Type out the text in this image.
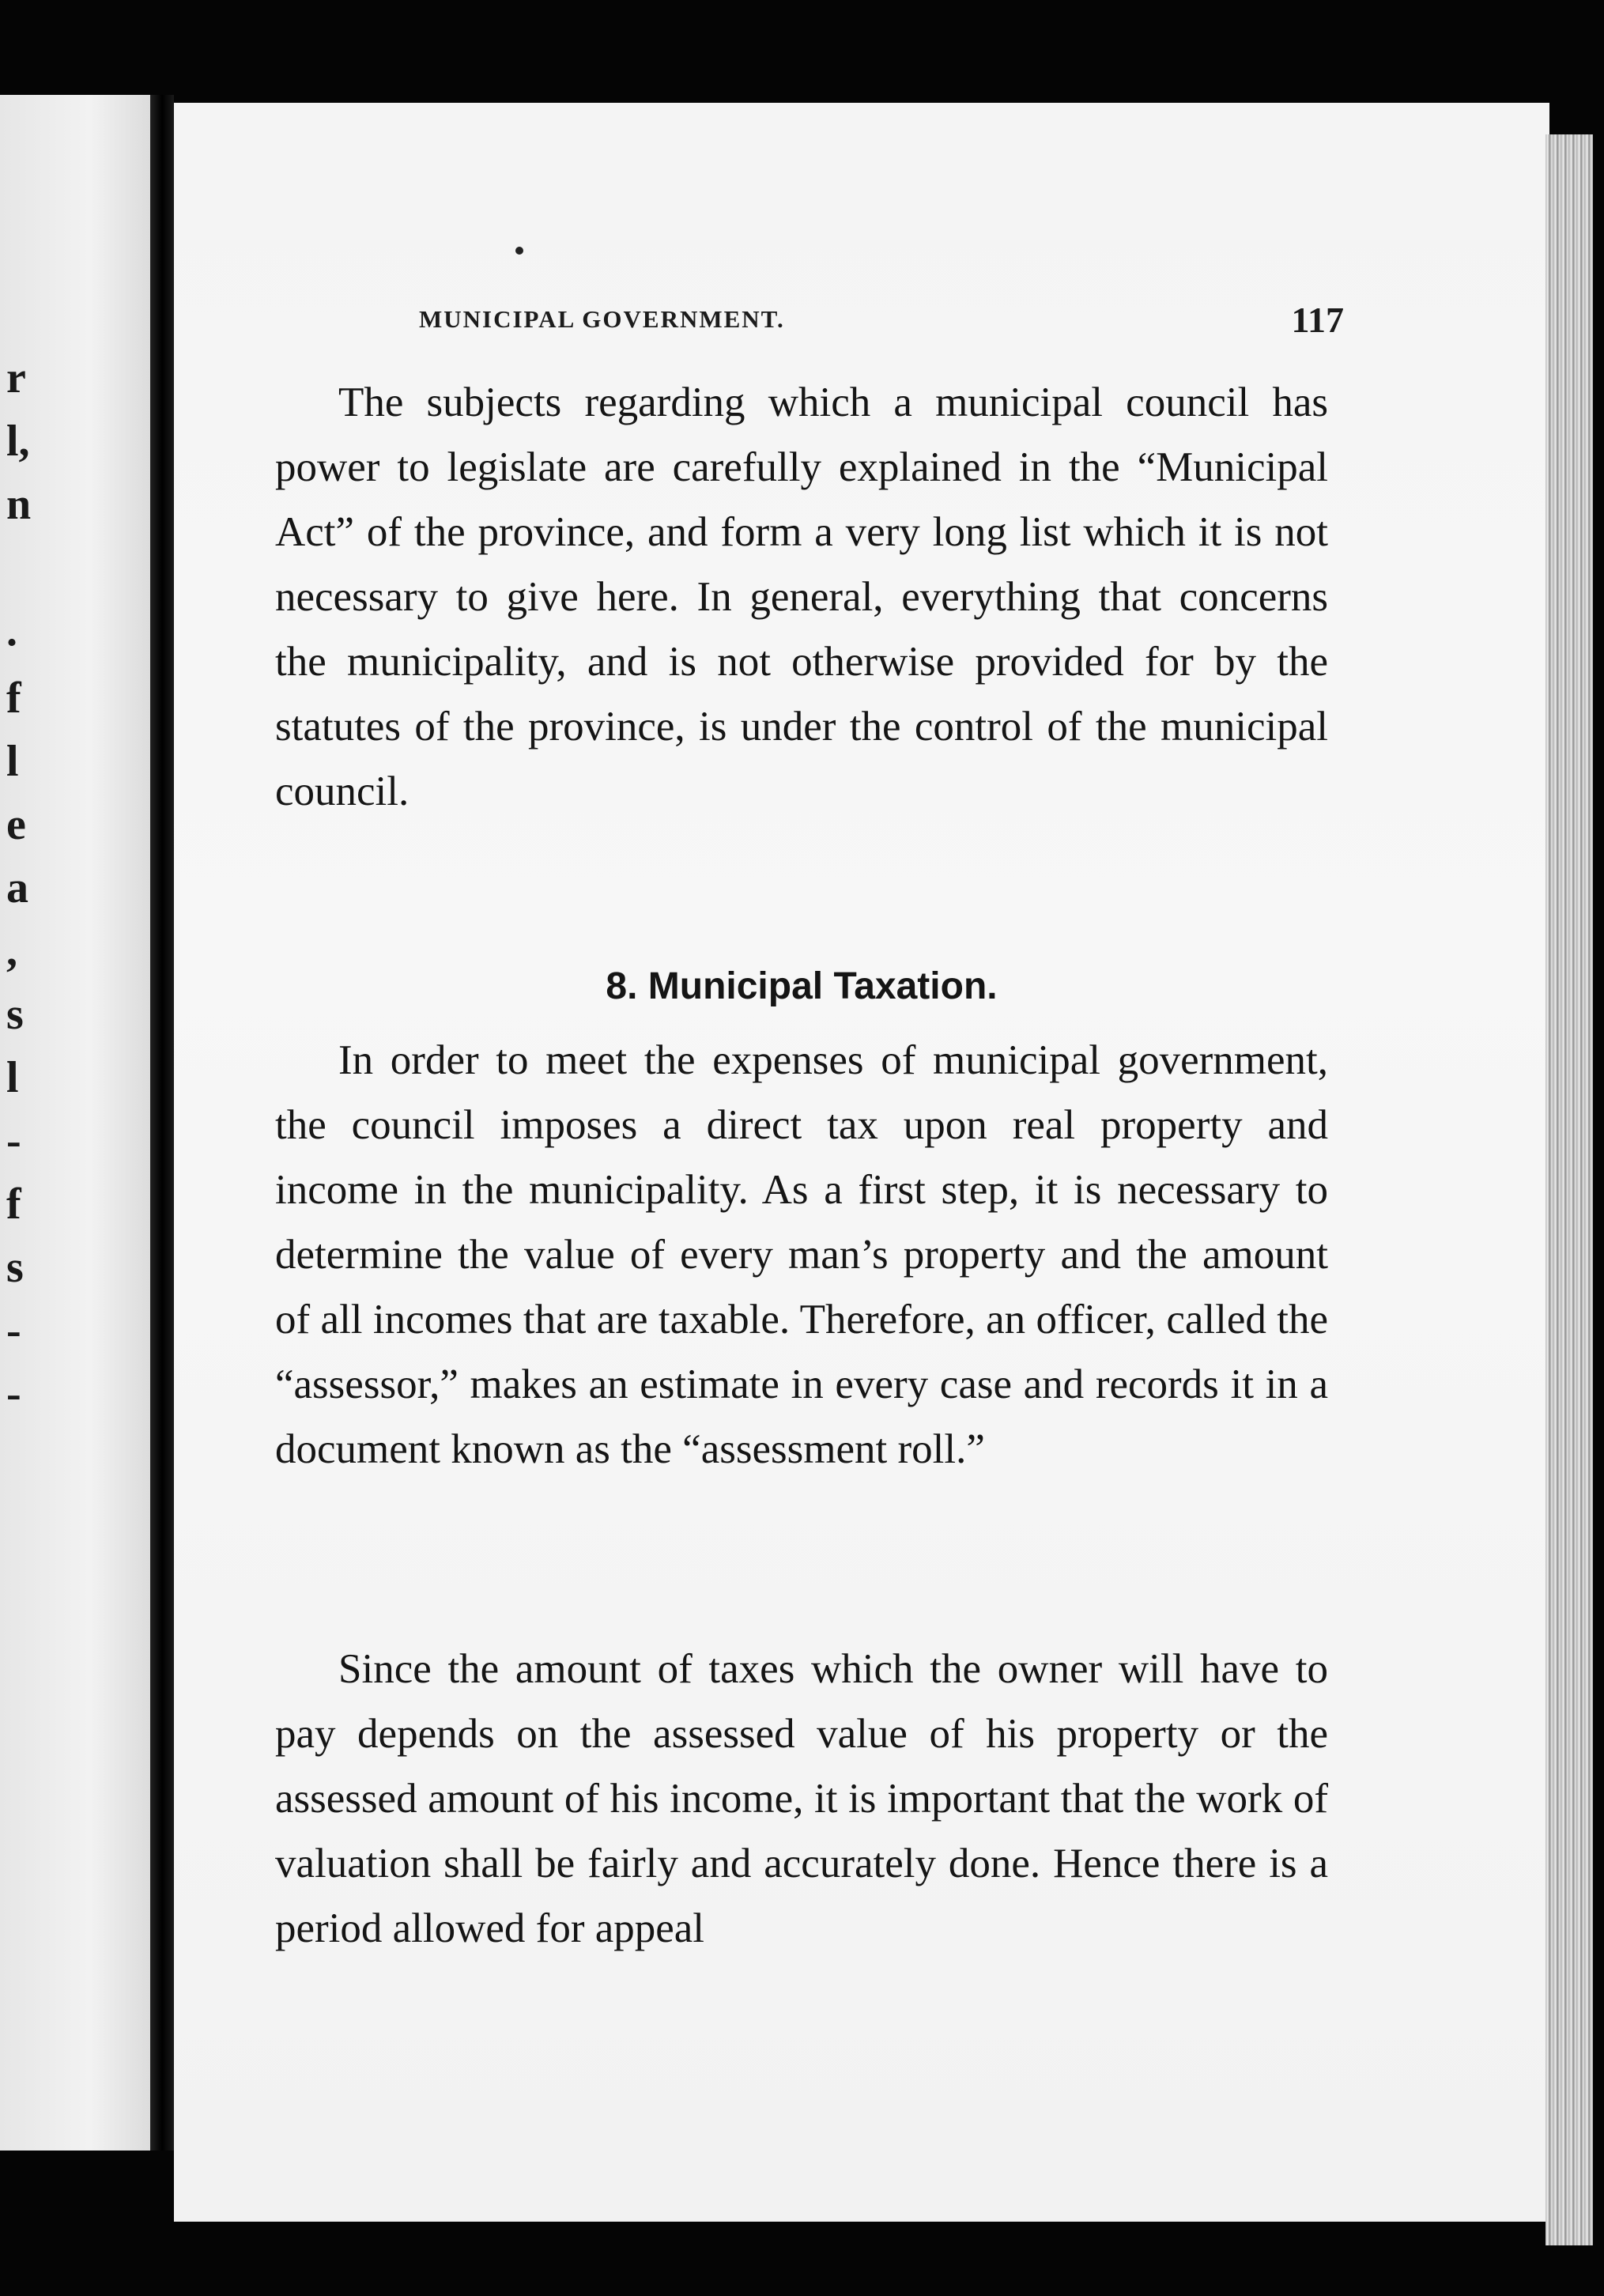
r
l,
n
.
f
l
e
a
,
s
l
-
f
s
-
-
MUNICIPAL GOVERNMENT.	117

The subjects regarding which a municipal council has power to legislate are carefully explained in the “Municipal Act” of the province, and form a very long list which it is not necessary to give here. In general, everything that concerns the municipality, and is not otherwise provided for by the statutes of the province, is under the control of the municipal council.

8. Municipal Taxation.

In order to meet the expenses of municipal government, the council imposes a direct tax upon real property and income in the municipality. As a first step, it is necessary to determine the value of every man’s property and the amount of all incomes that are taxable. Therefore, an officer, called the “assessor,” makes an estimate in every case and records it in a document known as the “assessment roll.”

Since the amount of taxes which the owner will have to pay depends on the assessed value of his property or the assessed amount of his income, it is important that the work of valuation shall be fairly and accurately done. Hence there is a period allowed for appeal
